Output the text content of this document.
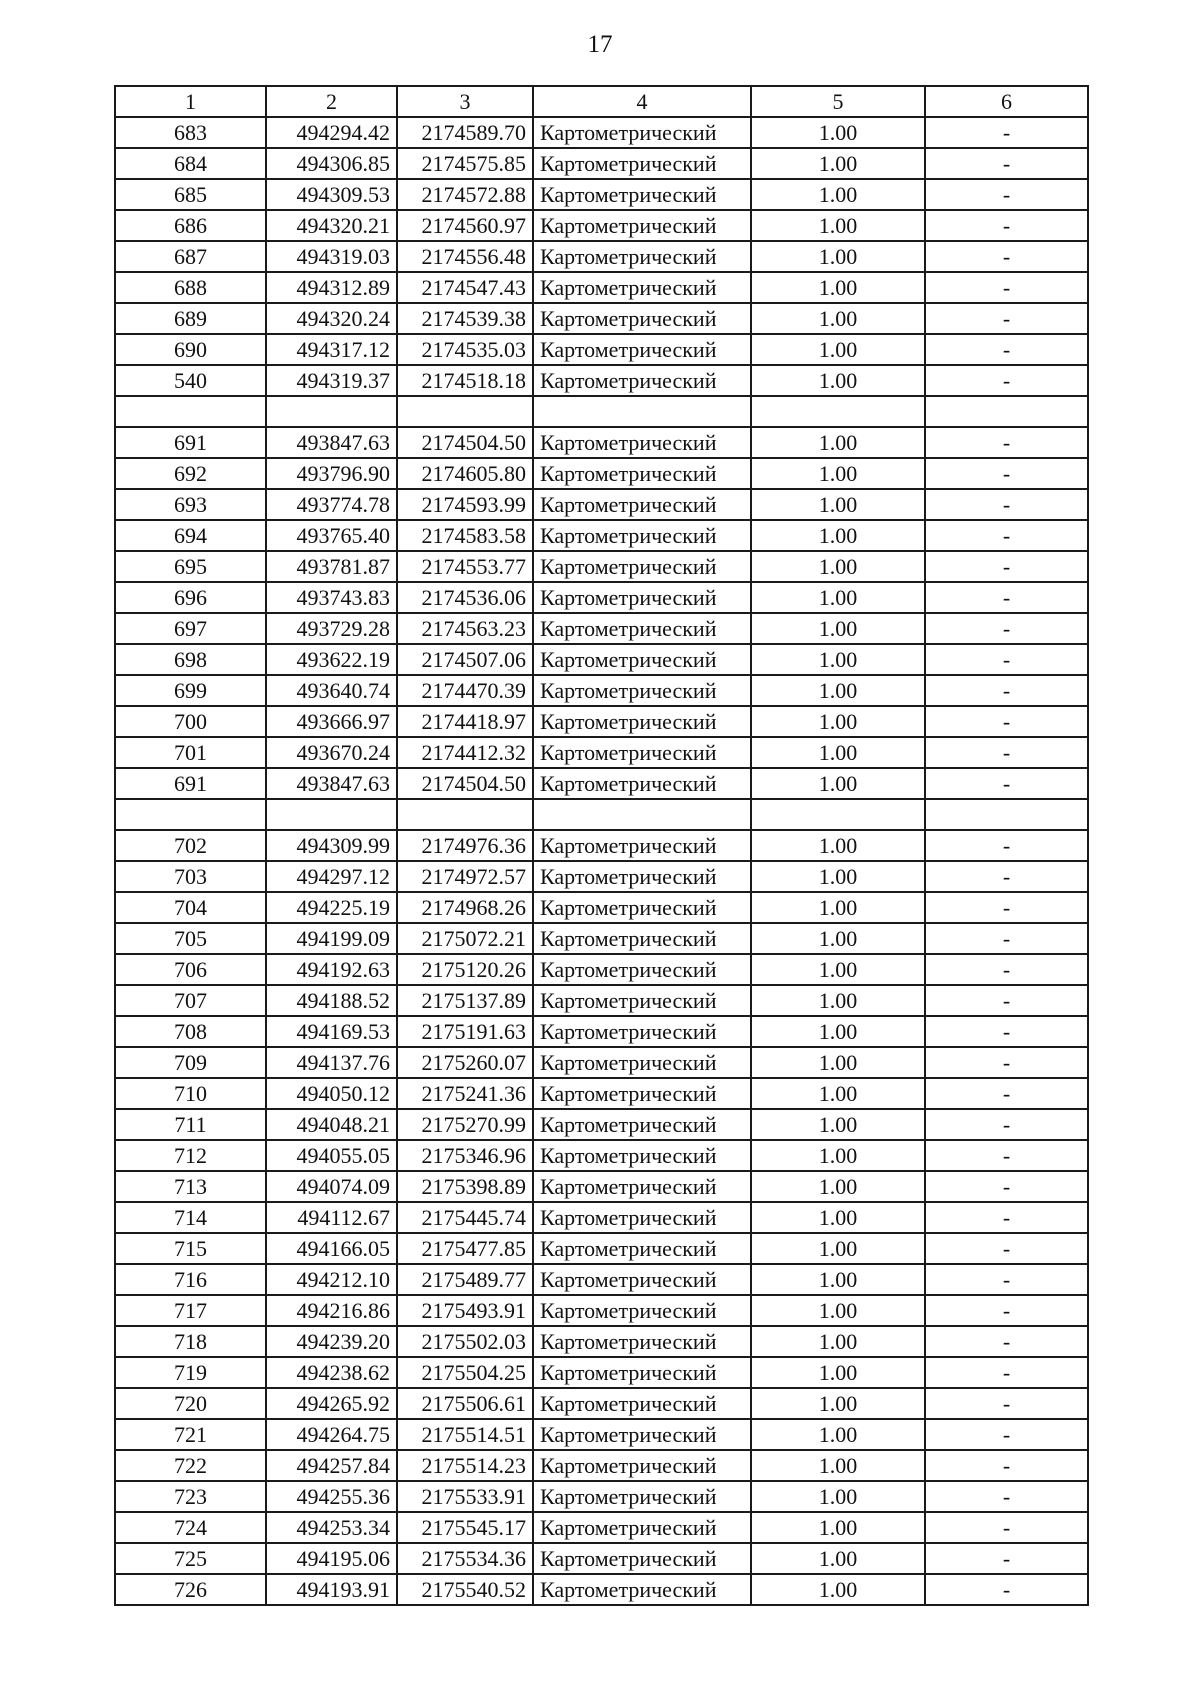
17
1	2	3	4	5	6
683	494294.42	2174589.70	Картометрический	1.00	-
684	494306.85	2174575.85	Картометрический	1.00	-
685	494309.53	2174572.88	Картометрический	1.00	-
686	494320.21	2174560.97	Картометрический	1.00	-
687	494319.03	2174556.48	Картометрический	1.00	-
688	494312.89	2174547.43	Картометрический	1.00	-
689	494320.24	2174539.38	Картометрический	1.00	-
690	494317.12	2174535.03	Картометрический	1.00	-
540	494319.37	2174518.18	Картометрический	1.00	-

691	493847.63	2174504.50	Картометрический	1.00	-
692	493796.90	2174605.80	Картометрический	1.00	-
693	493774.78	2174593.99	Картометрический	1.00	-
694	493765.40	2174583.58	Картометрический	1.00	-
695	493781.87	2174553.77	Картометрический	1.00	-
696	493743.83	2174536.06	Картометрический	1.00	-
697	493729.28	2174563.23	Картометрический	1.00	-
698	493622.19	2174507.06	Картометрический	1.00	-
699	493640.74	2174470.39	Картометрический	1.00	-
700	493666.97	2174418.97	Картометрический	1.00	-
701	493670.24	2174412.32	Картометрический	1.00	-
691	493847.63	2174504.50	Картометрический	1.00	-

702	494309.99	2174976.36	Картометрический	1.00	-
703	494297.12	2174972.57	Картометрический	1.00	-
704	494225.19	2174968.26	Картометрический	1.00	-
705	494199.09	2175072.21	Картометрический	1.00	-
706	494192.63	2175120.26	Картометрический	1.00	-
707	494188.52	2175137.89	Картометрический	1.00	-
708	494169.53	2175191.63	Картометрический	1.00	-
709	494137.76	2175260.07	Картометрический	1.00	-
710	494050.12	2175241.36	Картометрический	1.00	-
711	494048.21	2175270.99	Картометрический	1.00	-
712	494055.05	2175346.96	Картометрический	1.00	-
713	494074.09	2175398.89	Картометрический	1.00	-
714	494112.67	2175445.74	Картометрический	1.00	-
715	494166.05	2175477.85	Картометрический	1.00	-
716	494212.10	2175489.77	Картометрический	1.00	-
717	494216.86	2175493.91	Картометрический	1.00	-
718	494239.20	2175502.03	Картометрический	1.00	-
719	494238.62	2175504.25	Картометрический	1.00	-
720	494265.92	2175506.61	Картометрический	1.00	-
721	494264.75	2175514.51	Картометрический	1.00	-
722	494257.84	2175514.23	Картометрический	1.00	-
723	494255.36	2175533.91	Картометрический	1.00	-
724	494253.34	2175545.17	Картометрический	1.00	-
725	494195.06	2175534.36	Картометрический	1.00	-
726	494193.91	2175540.52	Картометрический	1.00	-
